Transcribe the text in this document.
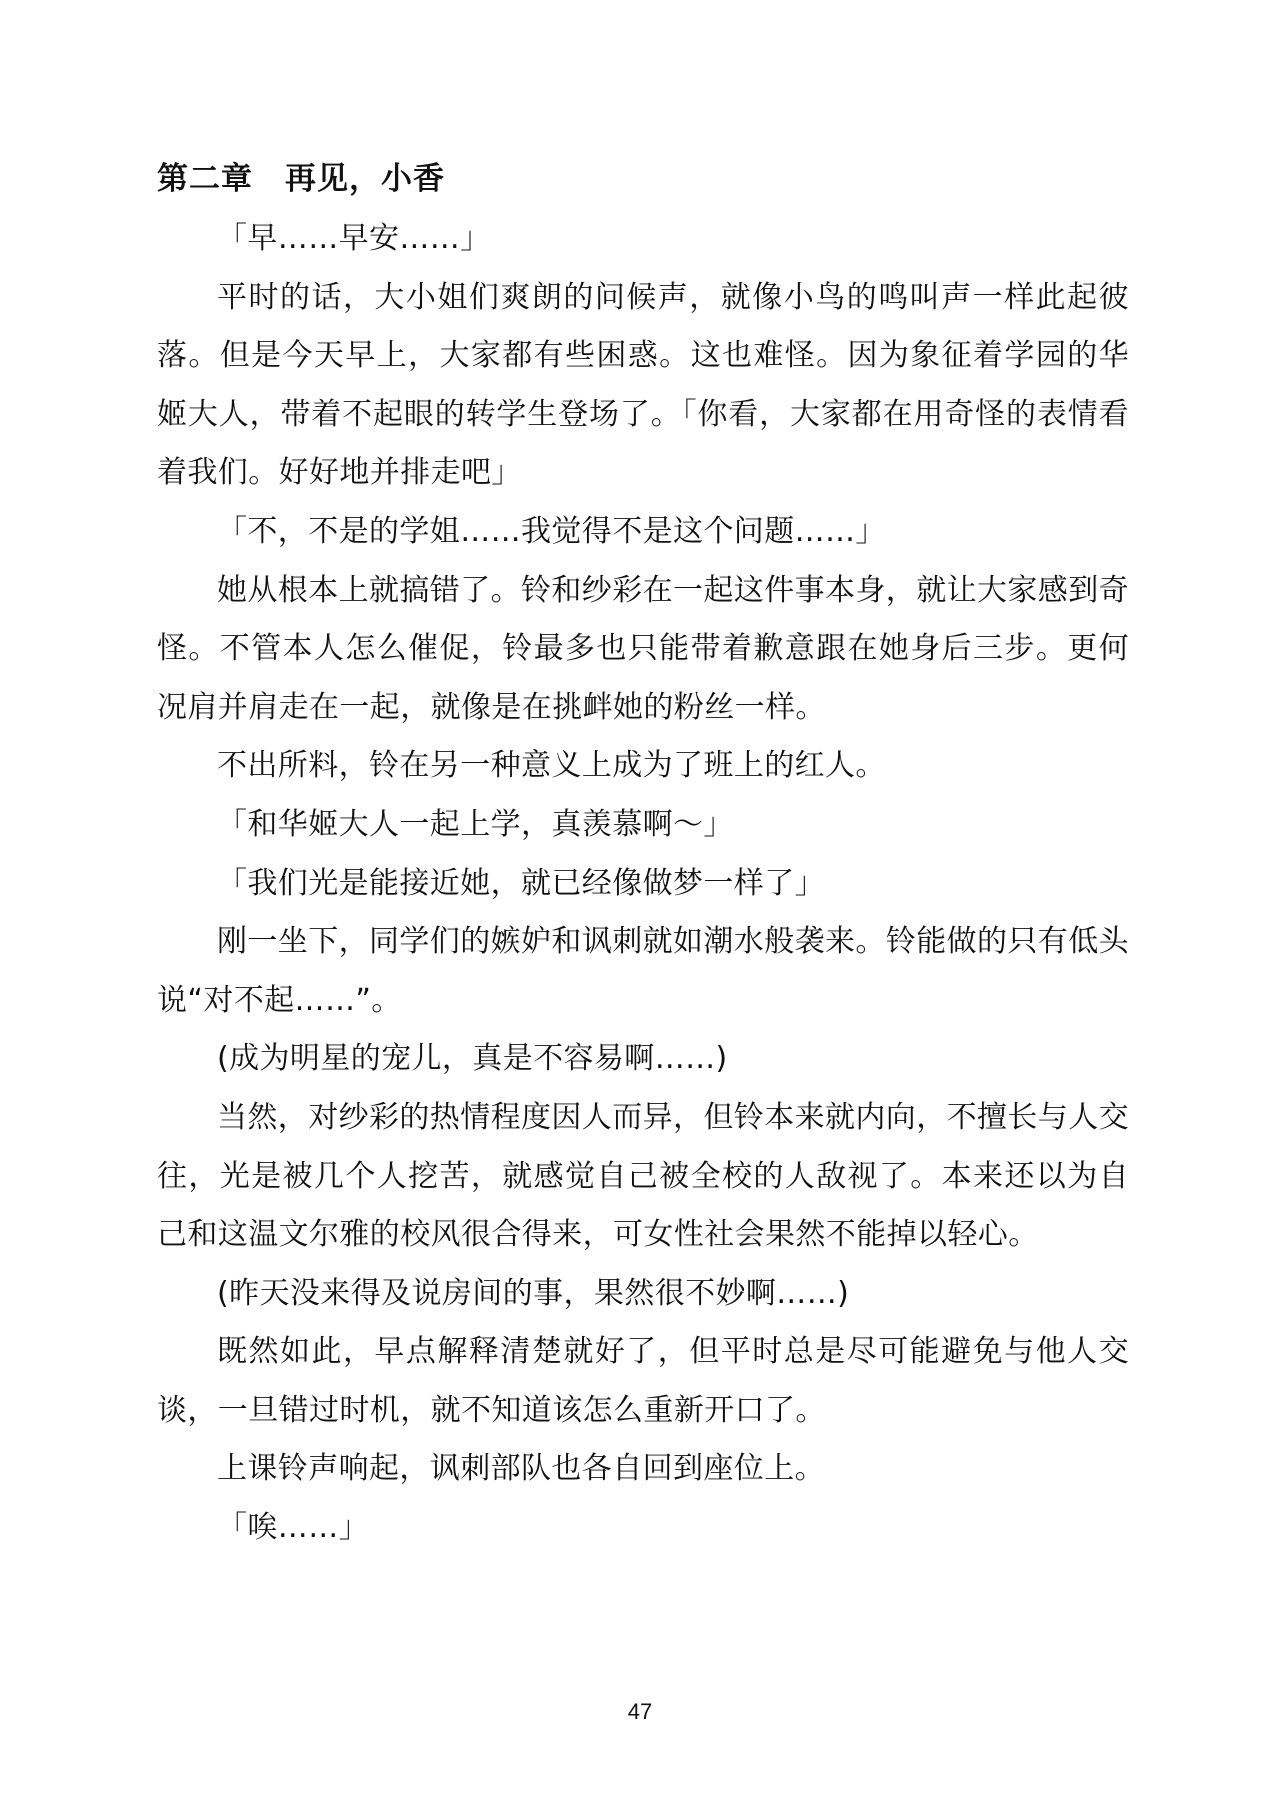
第二章　再见，小香

「早……早安……」

平时的话，大小姐们爽朗的问候声，就像小鸟的鸣叫声一样此起彼落。但是今天早上，大家都有些困惑。这也难怪。因为象征着学园的华姬大人，带着不起眼的转学生登场了。「你看，大家都在用奇怪的表情看着我们。好好地并排走吧」

「不，不是的学姐……我觉得不是这个问题……」

她从根本上就搞错了。铃和纱彩在一起这件事本身，就让大家感到奇怪。不管本人怎么催促，铃最多也只能带着歉意跟在她身后三步。更何况肩并肩走在一起，就像是在挑衅她的粉丝一样。

不出所料，铃在另一种意义上成为了班上的红人。

「和华姬大人一起上学，真羡慕啊～」

「我们光是能接近她，就已经像做梦一样了」

刚一坐下，同学们的嫉妒和讽刺就如潮水般袭来。铃能做的只有低头说“对不起……”。

(成为明星的宠儿，真是不容易啊……)

当然，对纱彩的热情程度因人而异，但铃本来就内向，不擅长与人交往，光是被几个人挖苦，就感觉自己被全校的人敌视了。本来还以为自己和这温文尔雅的校风很合得来，可女性社会果然不能掉以轻心。

(昨天没来得及说房间的事，果然很不妙啊……)

既然如此，早点解释清楚就好了，但平时总是尽可能避免与他人交谈，一旦错过时机，就不知道该怎么重新开口了。

上课铃声响起，讽刺部队也各自回到座位上。

「唉……」

47
